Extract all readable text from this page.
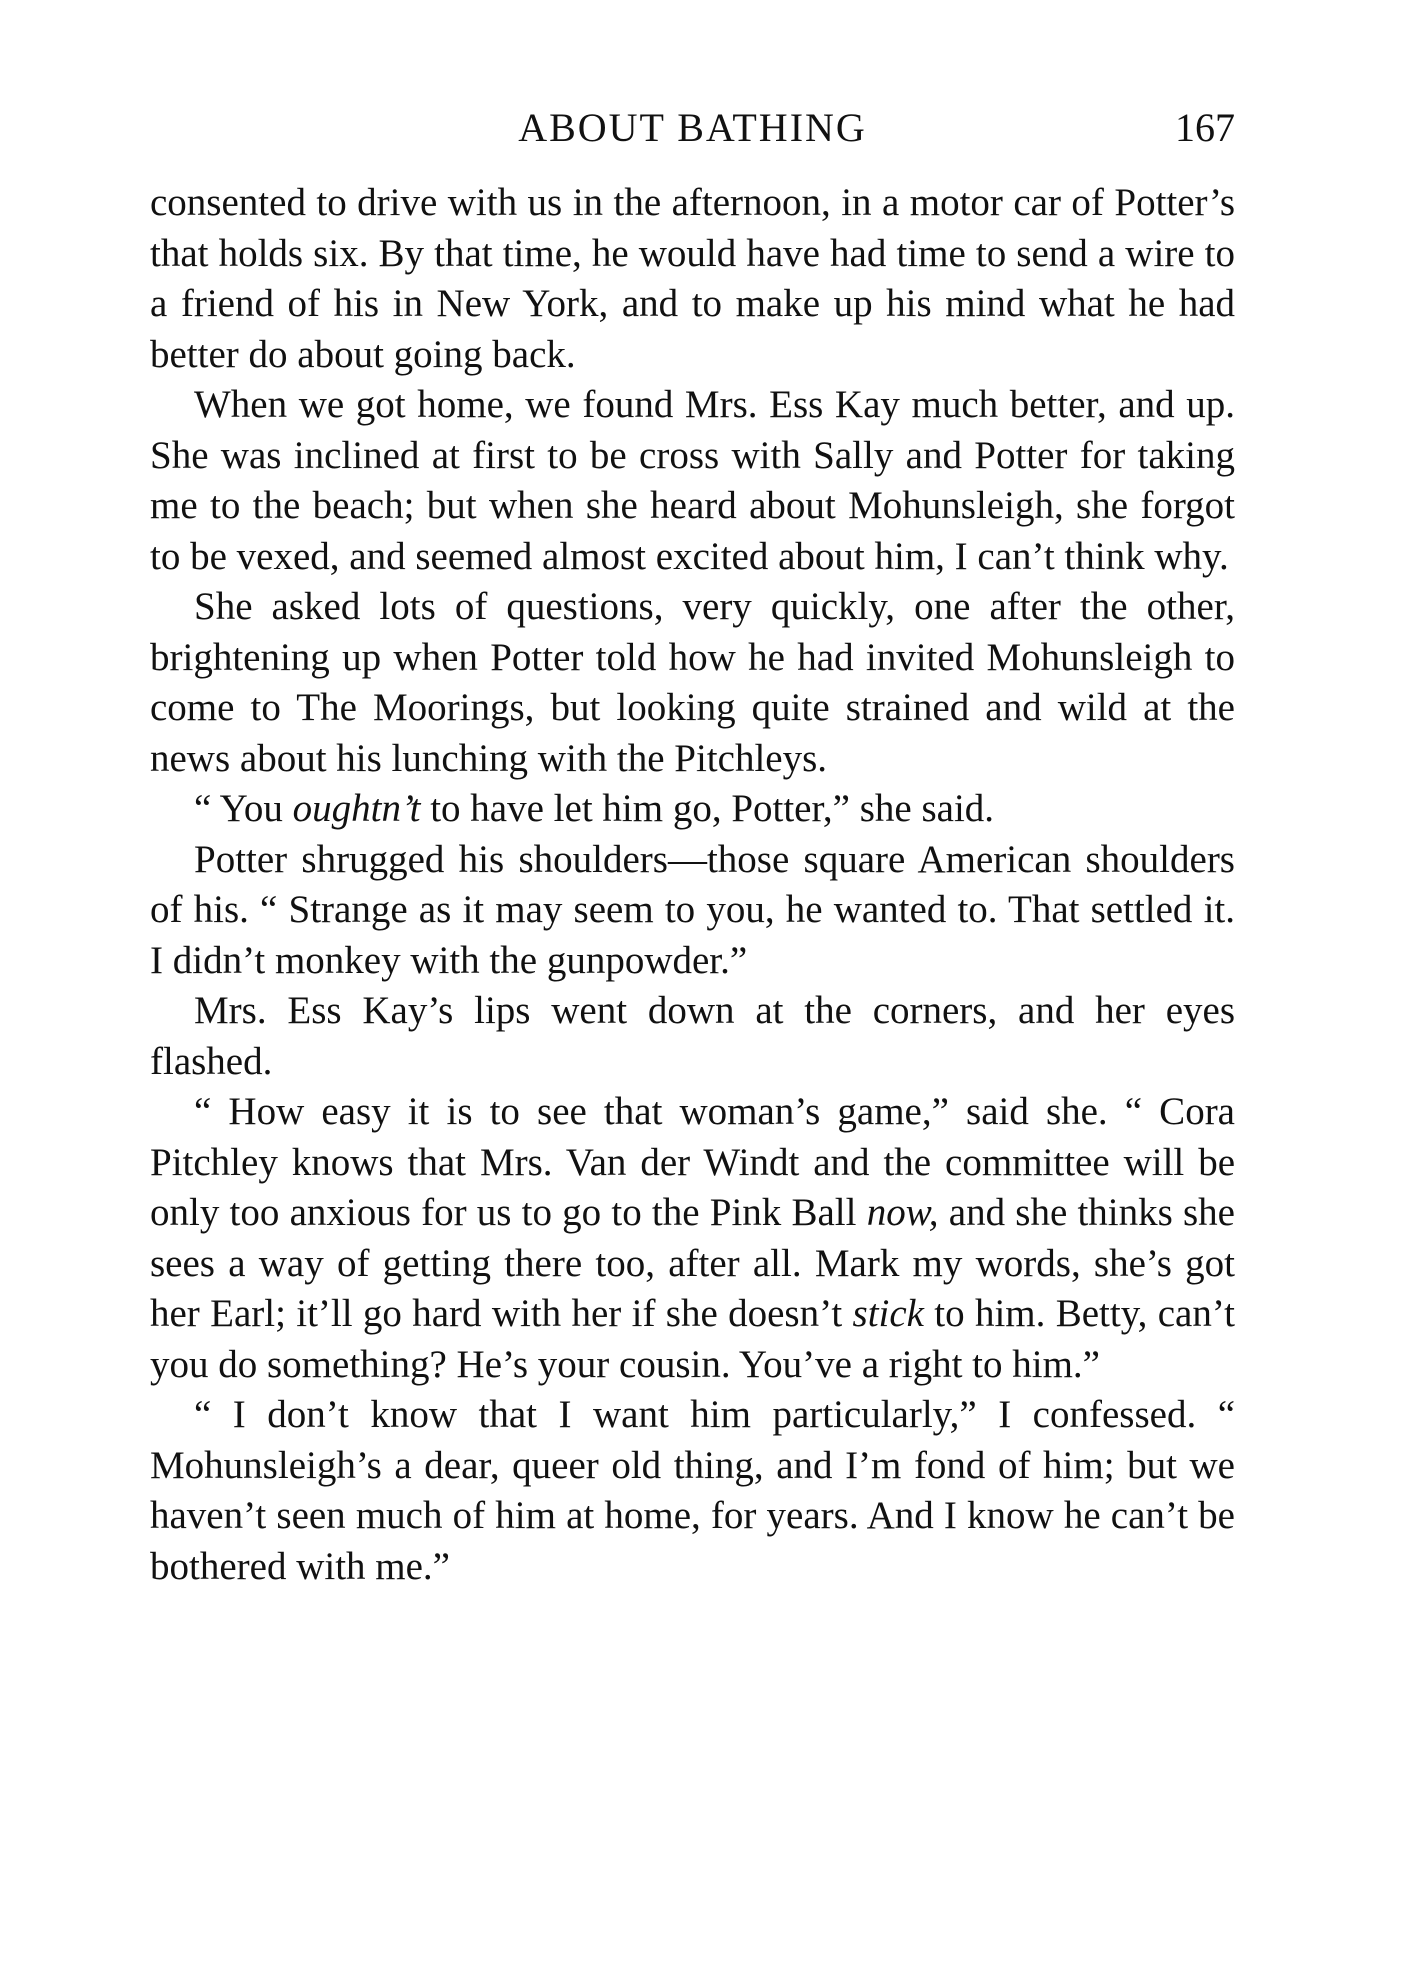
ABOUT BATHING	167

consented to drive with us in the afternoon, in a motor car of Potter’s that holds six. By that time, he would have had time to send a wire to a friend of his in New York, and to make up his mind what he had better do about going back.

When we got home, we found Mrs. Ess Kay much better, and up. She was inclined at first to be cross with Sally and Potter for taking me to the beach; but when she heard about Mohunsleigh, she forgot to be vexed, and seemed almost excited about him, I can’t think why.

She asked lots of questions, very quickly, one after the other, brightening up when Potter told how he had invited Mohunsleigh to come to The Moorings, but looking quite strained and wild at the news about his lunching with the Pitchleys.

“ You oughtn’t to have let him go, Potter,” she said.

Potter shrugged his shoulders—those square American shoulders of his. “ Strange as it may seem to you, he wanted to. That settled it. I didn’t monkey with the gunpowder.”

Mrs. Ess Kay’s lips went down at the corners, and her eyes flashed.

“ How easy it is to see that woman’s game,” said she. “ Cora Pitchley knows that Mrs. Van der Windt and the committee will be only too anxious for us to go to the Pink Ball now, and she thinks she sees a way of getting there too, after all. Mark my words, she’s got her Earl; it’ll go hard with her if she doesn’t stick to him. Betty, can’t you do something? He’s your cousin. You’ve a right to him.”

“ I don’t know that I want him particularly,” I confessed. “ Mohunsleigh’s a dear, queer old thing, and I’m fond of him; but we haven’t seen much of him at home, for years. And I know he can’t be bothered with me.”
